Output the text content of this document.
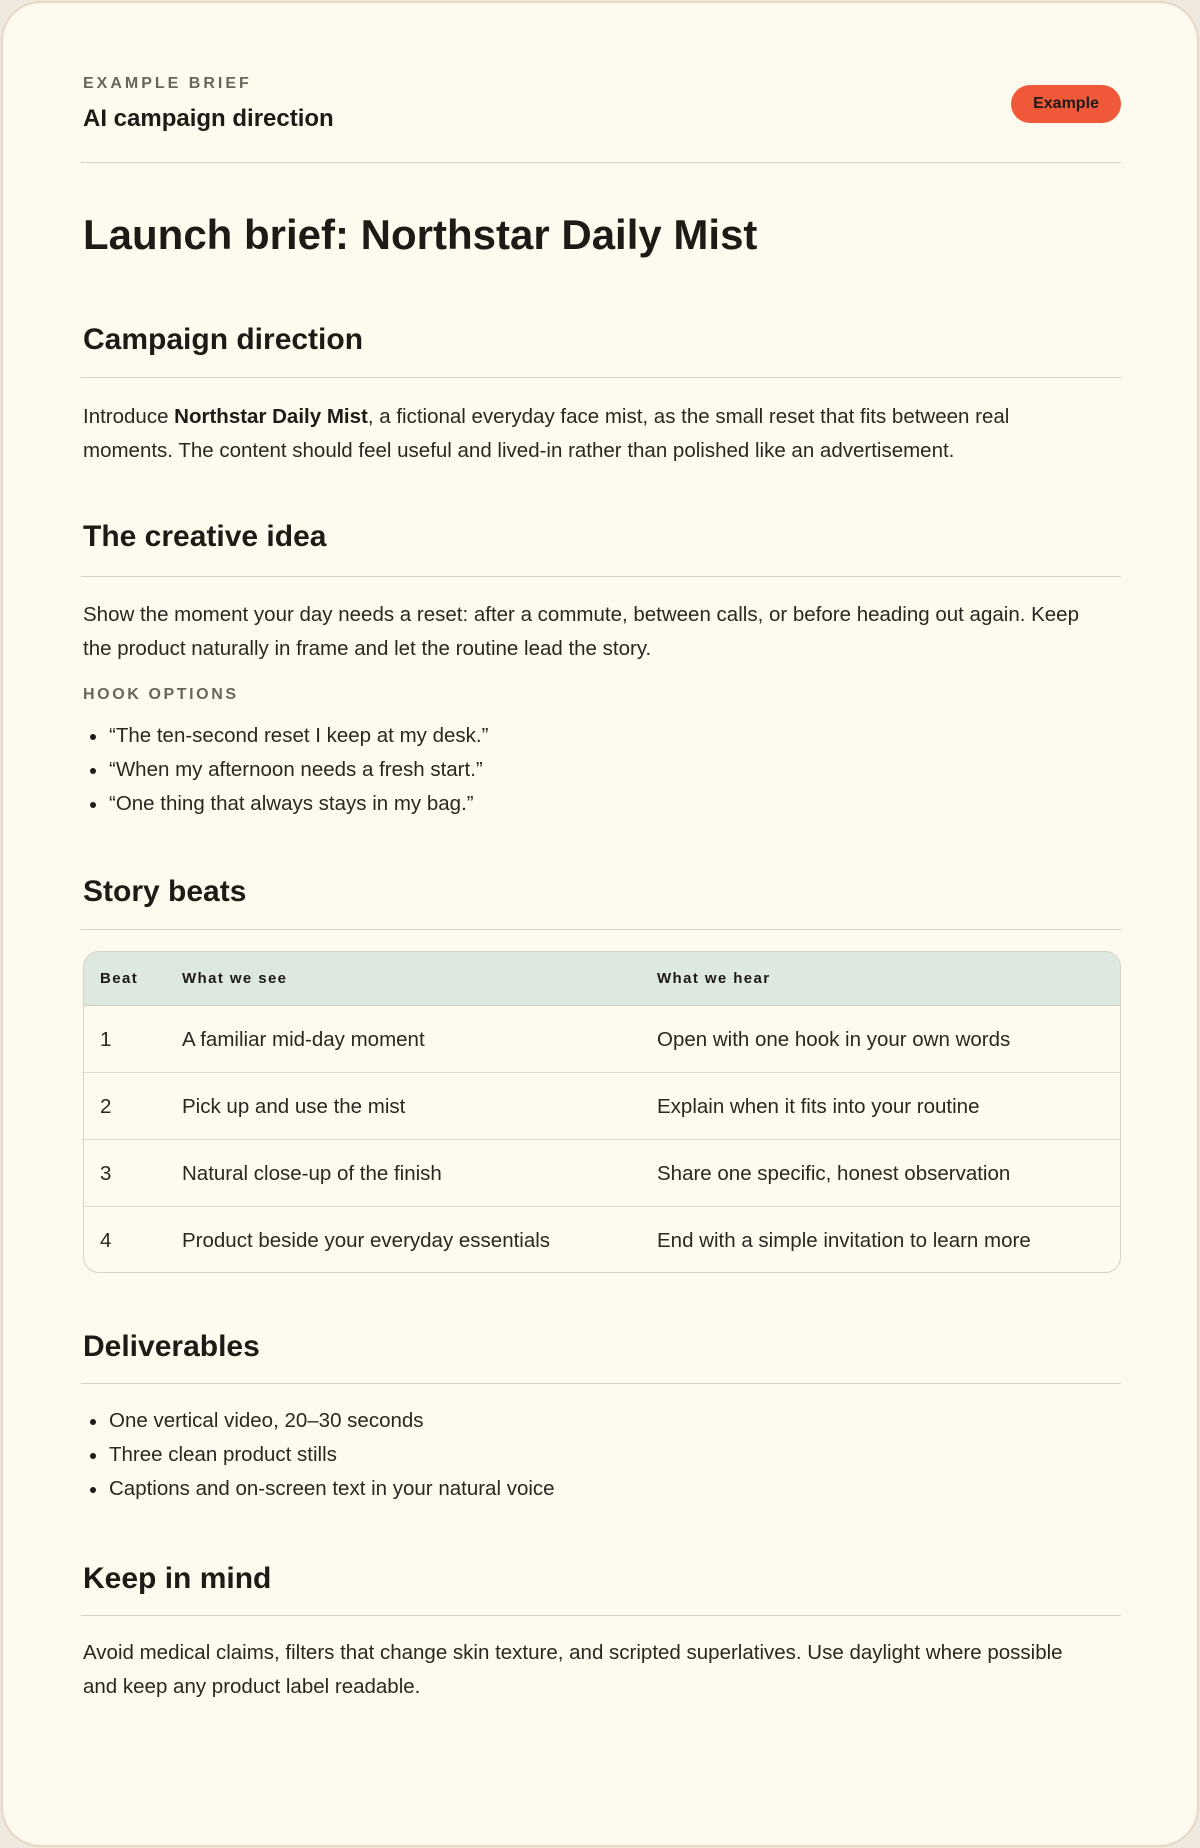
EXAMPLE BRIEF
AI campaign direction
Example
Launch brief: Northstar Daily Mist
Campaign direction
Introduce Northstar Daily Mist, a fictional everyday face mist, as the small reset that fits between real
moments. The content should feel useful and lived-in rather than polished like an advertisement.
The creative idea
Show the moment your day needs a reset: after a commute, between calls, or before heading out again. Keep
the product naturally in frame and let the routine lead the story.
HOOK OPTIONS
“The ten-second reset I keep at my desk.”
“When my afternoon needs a fresh start.”
“One thing that always stays in my bag.”
Story beats
Beat	What we see	What we hear
1	A familiar mid-day moment	Open with one hook in your own words
2	Pick up and use the mist	Explain when it fits into your routine
3	Natural close-up of the finish	Share one specific, honest observation
4	Product beside your everyday essentials	End with a simple invitation to learn more
Deliverables
One vertical video, 20–30 seconds
Three clean product stills
Captions and on-screen text in your natural voice
Keep in mind
Avoid medical claims, filters that change skin texture, and scripted superlatives. Use daylight where possible
and keep any product label readable.
